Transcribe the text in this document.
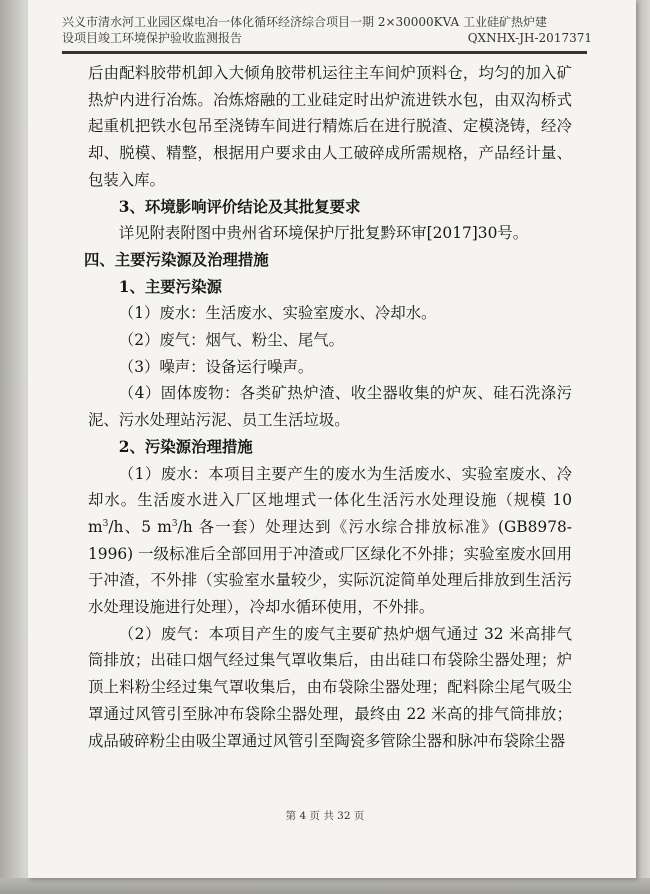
兴义市清水河工业园区煤电冶一体化循环经济综合项目一期 2×30000KVA 工业硅矿热炉建
设项目竣工环境保护验收监测报告	QXNHX-JH-2017371

后由配料胶带机卸入大倾角胶带机运往主车间炉顶料仓，均匀的加入矿热炉内进行冶炼。冶炼熔融的工业硅定时出炉流进铁水包，由双沟桥式起重机把铁水包吊至浇铸车间进行精炼后在进行脱渣、定模浇铸，经冷却、脱模、精整，根据用户要求由人工破碎成所需规格，产品经计量、包装入库。

3、环境影响评价结论及其批复要求

详见附表附图中贵州省环境保护厅批复黔环审[2017]30号。

四、主要污染源及治理措施

1、主要污染源

（1）废水：生活废水、实验室废水、冷却水。

（2）废气：烟气、粉尘、尾气。

（3）噪声：设备运行噪声。

（4）固体废物：各类矿热炉渣、收尘器收集的炉灰、硅石洗涤污泥、污水处理站污泥、员工生活垃圾。

2、污染源治理措施

（1）废水：本项目主要产生的废水为生活废水、实验室废水、冷却水。生活废水进入厂区地埋式一体化生活污水处理设施（规模 10 $m^3/h$、5 $m^3/h$ 各一套）处理达到《污水综合排放标准》(GB8978-1996) 一级标准后全部回用于冲渣或厂区绿化不外排；实验室废水回用于冲渣，不外排（实验室水量较少，实际沉淀简单处理后排放到生活污水处理设施进行处理），冷却水循环使用，不外排。

（2）废气：本项目产生的废气主要矿热炉烟气通过 32 米高排气筒排放；出硅口烟气经过集气罩收集后，由出硅口布袋除尘器处理；炉顶上料粉尘经过集气罩收集后，由布袋除尘器处理；配料除尘尾气吸尘罩通过风管引至脉冲布袋除尘器处理，最终由 22 米高的排气筒排放；成品破碎粉尘由吸尘罩通过风管引至陶瓷多管除尘器和脉冲布袋除尘器

第 4 页 共 32 页
